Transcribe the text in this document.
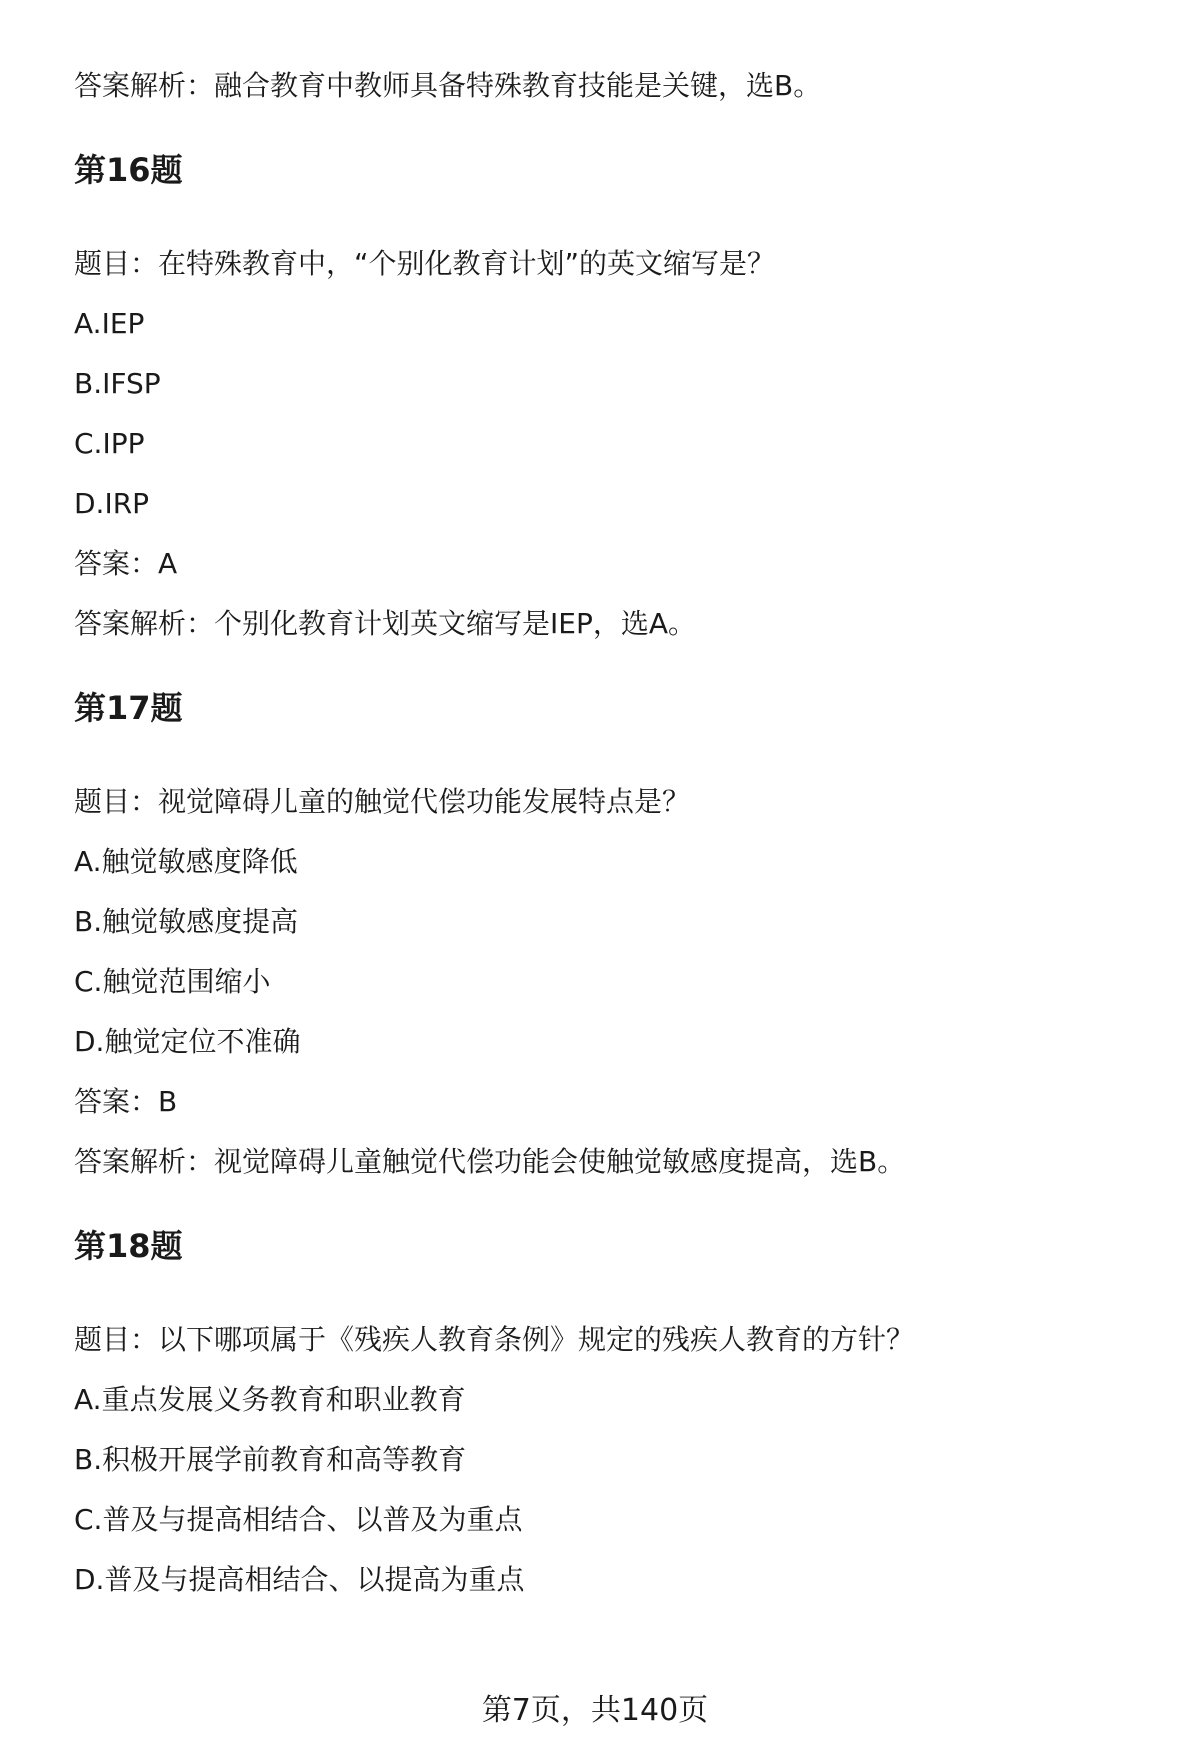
答案解析：融合教育中教师具备特殊教育技能是关键，选B。
第16题
题目：在特殊教育中，“个别化教育计划”的英文缩写是？
A.IEP
B.IFSP
C.IPP
D.IRP
答案：A
答案解析：个别化教育计划英文缩写是IEP，选A。
第17题
题目：视觉障碍儿童的触觉代偿功能发展特点是？
A.触觉敏感度降低
B.触觉敏感度提高
C.触觉范围缩小
D.触觉定位不准确
答案：B
答案解析：视觉障碍儿童触觉代偿功能会使触觉敏感度提高，选B。
第18题
题目：以下哪项属于《残疾人教育条例》规定的残疾人教育的方针？
A.重点发展义务教育和职业教育
B.积极开展学前教育和高等教育
C.普及与提高相结合、以普及为重点
D.普及与提高相结合、以提高为重点
第7页，共140页
